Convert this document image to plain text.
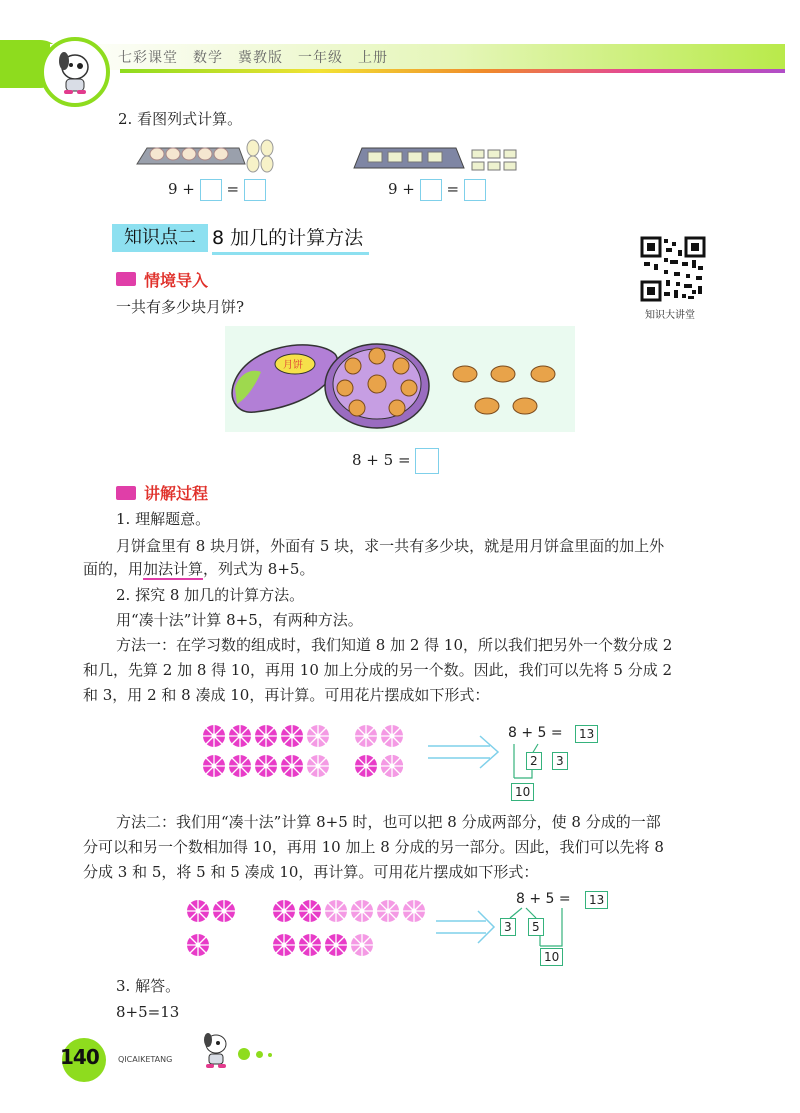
七彩课堂　数学　冀教版　一年级　上册
2. 看图列式计算。
9 + =	9 + =
知识点二 8 加几的计算方法
知识大讲堂
情境导入
一共有多少块月饼?
月饼
8 + 5 =
讲解过程
1. 理解题意。
月饼盒里有 8 块月饼，外面有 5 块，求一共有多少块，就是用月饼盒里面的加上外
面的，用加法计算，列式为 8+5。
2. 探究 8 加几的计算方法。
用“凑十法”计算 8+5，有两种方法。
方法一：在学习数的组成时，我们知道 8 加 2 得 10，所以我们把另外一个数分成 2
和几，先算 2 加 8 得 10，再用 10 加上分成的另一个数。因此，我们可以先将 5 分成 2
和 3，用 2 和 8 凑成 10，再计算。可用花片摆成如下形式：
8 + 5 =	13
2	3
10
方法二：我们用“凑十法”计算 8+5 时，也可以把 8 分成两部分，使 8 分成的一部
分可以和另一个数相加得 10，再用 10 加上 8 分成的另一部分。因此，我们可以先将 8
分成 3 和 5，将 5 和 5 凑成 10，再计算。可用花片摆成如下形式：
8 + 5 =	13
3	5
10
3. 解答。
8+5=13
140	QICAIKETANG
